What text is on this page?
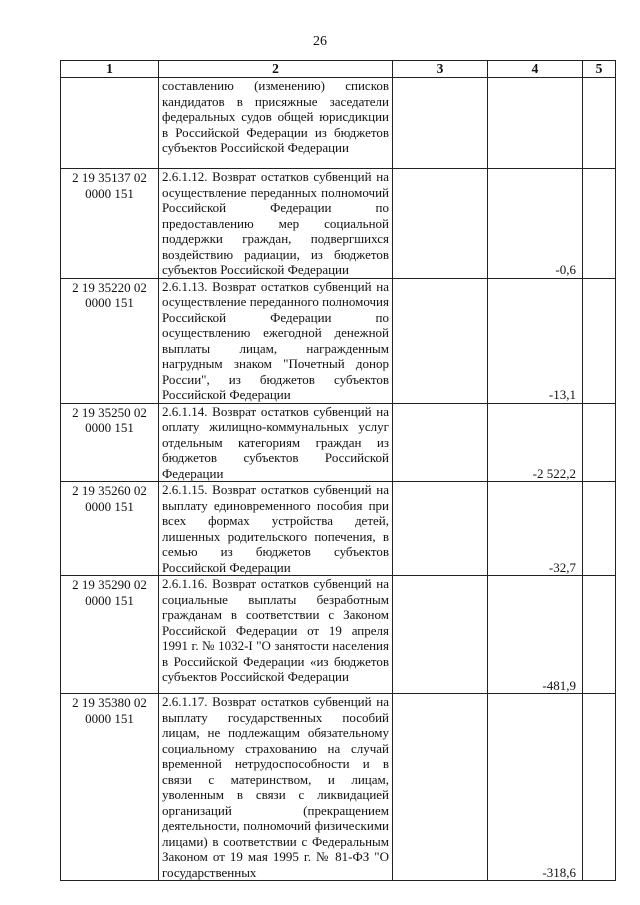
26
1	2	3	4	5

	составлению (изменению) списков кандидатов в присяжные заседатели федеральных судов общей юрисдикции в Российской Федерации из бюджетов субъектов Российской Федерации			

2 19 35137 02 0000 151	2.6.1.12. Возврат остатков субвенций на осуществление переданных полномочий Российской Федерации по предоставлению мер социальной поддержки граждан, подвергшихся воздействию радиации, из бюджетов субъектов Российской Федерации		-0,6	
2 19 35220 02 0000 151	2.6.1.13. Возврат остатков субвенций на осуществление переданного полномочия Российской Федерации по осуществлению ежегодной денежной выплаты лицам, награжденным нагрудным знаком "Почетный донор России", из бюджетов субъектов Российской Федерации		-13,1	
2 19 35250 02 0000 151	2.6.1.14. Возврат остатков субвенций на оплату жилищно-коммунальных услуг отдельным категориям граждан из бюджетов субъектов Российской Федерации		-2 522,2	
2 19 35260 02 0000 151	2.6.1.15. Возврат остатков субвенций на выплату единовременного пособия при всех формах устройства детей, лишенных родительского попечения, в семью из бюджетов субъектов Российской Федерации		-32,7	
2 19 35290 02 0000 151	2.6.1.16. Возврат остатков субвенций на социальные выплаты безработным гражданам в соответствии с Законом Российской Федерации от 19 апреля 1991 г. № 1032-I "О занятости населения в Российской Федерации «из бюджетов субъектов Российской Федерации		-481,9	
2 19 35380 02 0000 151	2.6.1.17. Возврат остатков субвенций на выплату государственных пособий лицам, не подлежащим обязательному социальному страхованию на случай временной нетрудоспособности и в связи с материнством, и лицам, уволенным в связи с ликвидацией организаций (прекращением деятельности, полномочий физическими лицами) в соответствии с Федеральным Законом от 19 мая 1995 г. № 81-ФЗ "О государственных		-318,6	
